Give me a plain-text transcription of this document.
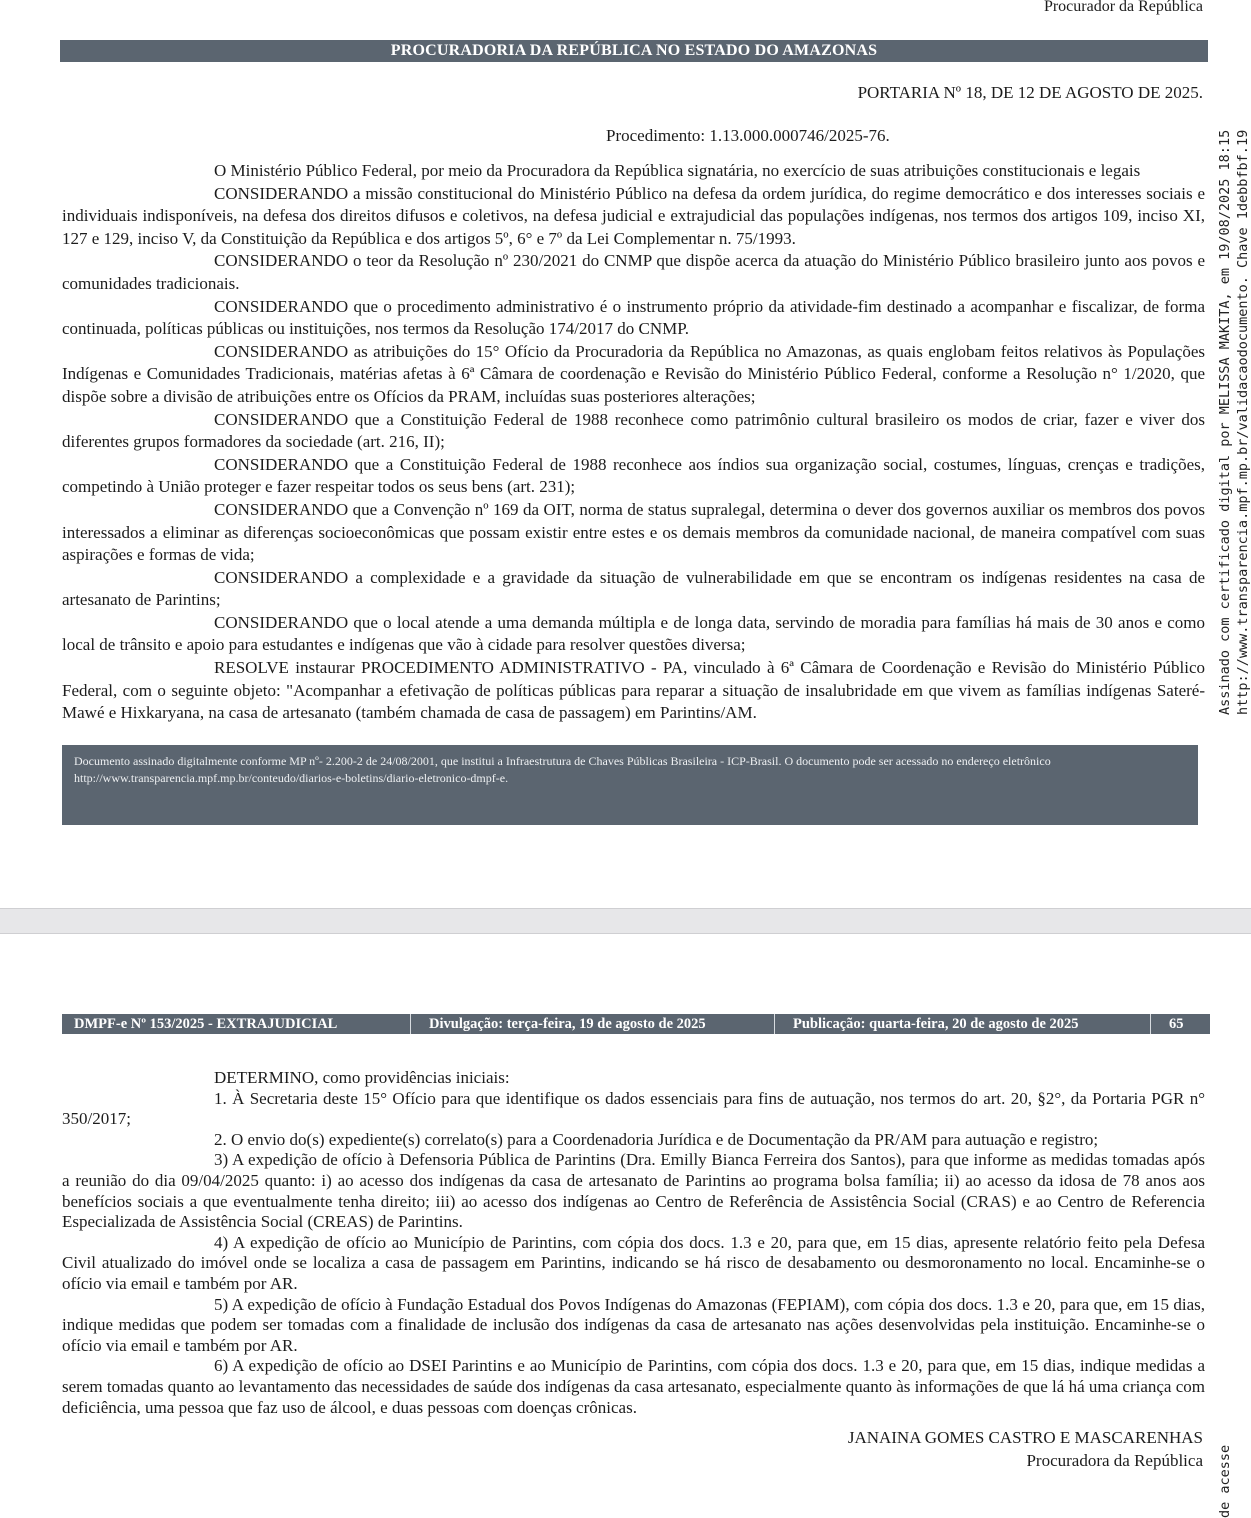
Procurador da República
PROCURADORIA DA REPÚBLICA NO ESTADO DO AMAZONAS
PORTARIA Nº 18, DE 12 DE AGOSTO DE 2025.
Procedimento: 1.13.000.000746/2025-76.

O Ministério Público Federal, por meio da Procuradora da República signatária, no exercício de suas atribuições constitucionais e legais

CONSIDERANDO a missão constitucional do Ministério Público na defesa da ordem jurídica, do regime democrático e dos interesses sociais e individuais indisponíveis, na defesa dos direitos difusos e coletivos, na defesa judicial e extrajudicial das populações indígenas, nos termos dos artigos 109, inciso XI, 127 e 129, inciso V, da Constituição da República e dos artigos 5º, 6° e 7º da Lei Complementar n. 75/1993.

CONSIDERANDO o teor da Resolução nº 230/2021 do CNMP que dispõe acerca da atuação do Ministério Público brasileiro junto aos povos e comunidades tradicionais.

CONSIDERANDO que o procedimento administrativo é o instrumento próprio da atividade-fim destinado a acompanhar e fiscalizar, de forma continuada, políticas públicas ou instituições, nos termos da Resolução 174/2017 do CNMP.

CONSIDERANDO as atribuições do 15° Ofício da Procuradoria da República no Amazonas, as quais englobam feitos relativos às Populações Indígenas e Comunidades Tradicionais, matérias afetas à 6ª Câmara de coordenação e Revisão do Ministério Público Federal, conforme a Resolução n° 1/2020, que dispõe sobre a divisão de atribuições entre os Ofícios da PRAM, incluídas suas posteriores alterações;

CONSIDERANDO que a Constituição Federal de 1988 reconhece como patrimônio cultural brasileiro os modos de criar, fazer e viver dos diferentes grupos formadores da sociedade (art. 216, II);

CONSIDERANDO que a Constituição Federal de 1988 reconhece aos índios sua organização social, costumes, línguas, crenças e tradições, competindo à União proteger e fazer respeitar todos os seus bens (art. 231);

CONSIDERANDO que a Convenção nº 169 da OIT, norma de status supralegal, determina o dever dos governos auxiliar os membros dos povos interessados a eliminar as diferenças socioeconômicas que possam existir entre estes e os demais membros da comunidade nacional, de maneira compatível com suas aspirações e formas de vida;

CONSIDERANDO a complexidade e a gravidade da situação de vulnerabilidade em que se encontram os indígenas residentes na casa de artesanato de Parintins;

CONSIDERANDO que o local atende a uma demanda múltipla e de longa data, servindo de moradia para famílias há mais de 30 anos e como local de trânsito e apoio para estudantes e indígenas que vão à cidade para resolver questões diversa;

RESOLVE instaurar PROCEDIMENTO ADMINISTRATIVO - PA, vinculado à 6ª Câmara de Coordenação e Revisão do Ministério Público Federal, com o seguinte objeto: "Acompanhar a efetivação de políticas públicas para reparar a situação de insalubridade em que vivem as famílias indígenas Sateré-Mawé e Hixkaryana, na casa de artesanato (também chamada de casa de passagem) em Parintins/AM.

Documento assinado digitalmente conforme MP nº- 2.200-2 de 24/08/2001, que institui a Infraestrutura de Chaves Públicas Brasileira - ICP-Brasil. O documento pode ser acessado no endereço eletrônico http://www.transparencia.mpf.mp.br/conteudo/diarios-e-boletins/diario-eletronico-dmpf-e.
Assinado com certificado digital por MELISSA MAKITA, em 19/08/2025 18:15 http://www.transparencia.mpf.mp.br/validacaodocumento. Chave 1debbfbf.19
DMPF-e Nº 153/2025 - EXTRAJUDICIAL	Divulgação: terça-feira, 19 de agosto de 2025	Publicação: quarta-feira, 20 de agosto de 2025	65

DETERMINO, como providências iniciais:

1. À Secretaria deste 15° Ofício para que identifique os dados essenciais para fins de autuação, nos termos do art. 20, §2°, da Portaria PGR n° 350/2017;

2. O envio do(s) expediente(s) correlato(s) para a Coordenadoria Jurídica e de Documentação da PR/AM para autuação e registro;

3) A expedição de ofício à Defensoria Pública de Parintins (Dra. Emilly Bianca Ferreira dos Santos), para que informe as medidas tomadas após a reunião do dia 09/04/2025 quanto: i) ao acesso dos indígenas da casa de artesanato de Parintins ao programa bolsa família; ii) ao acesso da idosa de 78 anos aos benefícios sociais a que eventualmente tenha direito; iii) ao acesso dos indígenas ao Centro de Referência de Assistência Social (CRAS) e ao Centro de Referencia Especializada de Assistência Social (CREAS) de Parintins.

4) A expedição de ofício ao Município de Parintins, com cópia dos docs. 1.3 e 20, para que, em 15 dias, apresente relatório feito pela Defesa Civil atualizado do imóvel onde se localiza a casa de passagem em Parintins, indicando se há risco de desabamento ou desmoronamento no local. Encaminhe-se o ofício via email e também por AR.

5) A expedição de ofício à Fundação Estadual dos Povos Indígenas do Amazonas (FEPIAM), com cópia dos docs. 1.3 e 20, para que, em 15 dias, indique medidas que podem ser tomadas com a finalidade de inclusão dos indígenas da casa de artesanato nas ações desenvolvidas pela instituição. Encaminhe-se o ofício via email e também por AR.

6) A expedição de ofício ao DSEI Parintins e ao Município de Parintins, com cópia dos docs. 1.3 e 20, para que, em 15 dias, indique medidas a serem tomadas quanto ao levantamento das necessidades de saúde dos indígenas da casa artesanato, especialmente quanto às informações de que lá há uma criança com deficiência, uma pessoa que faz uso de álcool, e duas pessoas com doenças crônicas.

JANAINA GOMES CASTRO E MASCARENHAS
Procuradora da República de acesse
